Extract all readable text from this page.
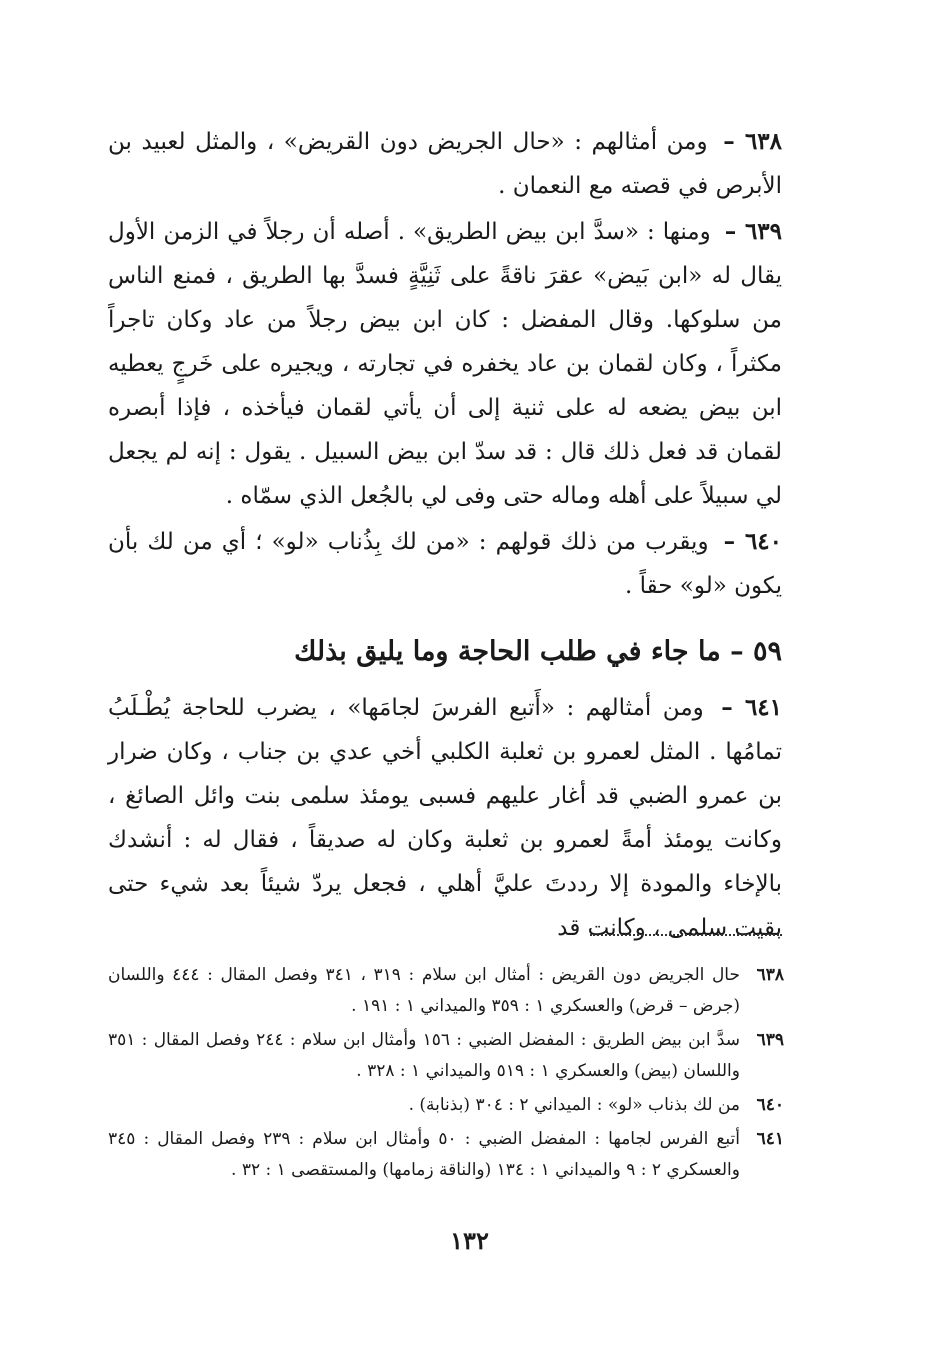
٦٣٨ – ومن أمثالهم : «حال الجريض دون القريض» ، والمثل لعبيد بن الأبرص في قصته مع النعمان .

٦٣٩ – ومنها : «سدَّ ابن بيض الطريق» . أصله أن رجلاً في الزمن الأول يقال له «ابن بَيض» عقرَ ناقةً على ثَنِيَّةٍ فسدَّ بها الطريق ، فمنع الناس من سلوكها. وقال المفضل : كان ابن بيض رجلاً من عاد وكان تاجراً مكثراً ، وكان لقمان بن عاد يخفره في تجارته ، ويجيره على خَرجٍ يعطيه ابن بيض يضعه له على ثنية إلى أن يأتي لقمان فيأخذه ، فإذا أبصره لقمان قد فعل ذلك قال : قد سدّ ابن بيض السبيل . يقول : إنه لم يجعل لي سبيلاً على أهله وماله حتى وفى لي بالجُعل الذي سمّاه .

٦٤٠ – ويقرب من ذلك قولهم : «من لك بِذُناب «لو» ؛ أي من لك بأن يكون «لو» حقاً .

٥٩ – ما جاء في طلب الحاجة وما يليق بذلك

٦٤١ – ومن أمثالهم : «أَتبع الفرسَ لجامَها» ، يضرب للحاجة يُطْـلَبُ تمامُها . المثل لعمرو بن ثعلبة الكلبي أخي عدي بن جناب ، وكان ضرار بن عمرو الضبي قد أغار عليهم فسبى يومئذ سلمى بنت وائل الصائغ ، وكانت يومئذ أمةً لعمرو بن ثعلبة وكان له صديقاً ، فقال له : أنشدك بالإخاء والمودة إلا رددتَ عليَّ أهلي ، فجعل يردّ شيئاً بعد شيء حتى بقيت سلمى ، وكانت قد

٦٣٨
حال الجريض دون القريض : أمثال ابن سلام : ٣١٩ ، ٣٤١ وفصل المقال : ٤٤٤ واللسان (جرض – قرض) والعسكري ١ : ٣٥٩ والميداني ١ : ١٩١ .
٦٣٩
سدَّ ابن بيض الطريق : المفضل الضبي : ١٥٦ وأمثال ابن سلام : ٢٤٤ وفصل المقال : ٣٥١ واللسان (بيض) والعسكري ١ : ٥١٩ والميداني ١ : ٣٢٨ .
٦٤٠
من لك بذناب «لو» : الميداني ٢ : ٣٠٤ (بذنابة) .
٦٤١
أتبع الفرس لجامها : المفضل الضبي : ٥٠ وأمثال ابن سلام : ٢٣٩ وفصل المقال : ٣٤٥ والعسكري ٢ : ٩ والميداني ١ : ١٣٤ (والناقة زمامها) والمستقصى ١ : ٣٢ .
١٣٢
